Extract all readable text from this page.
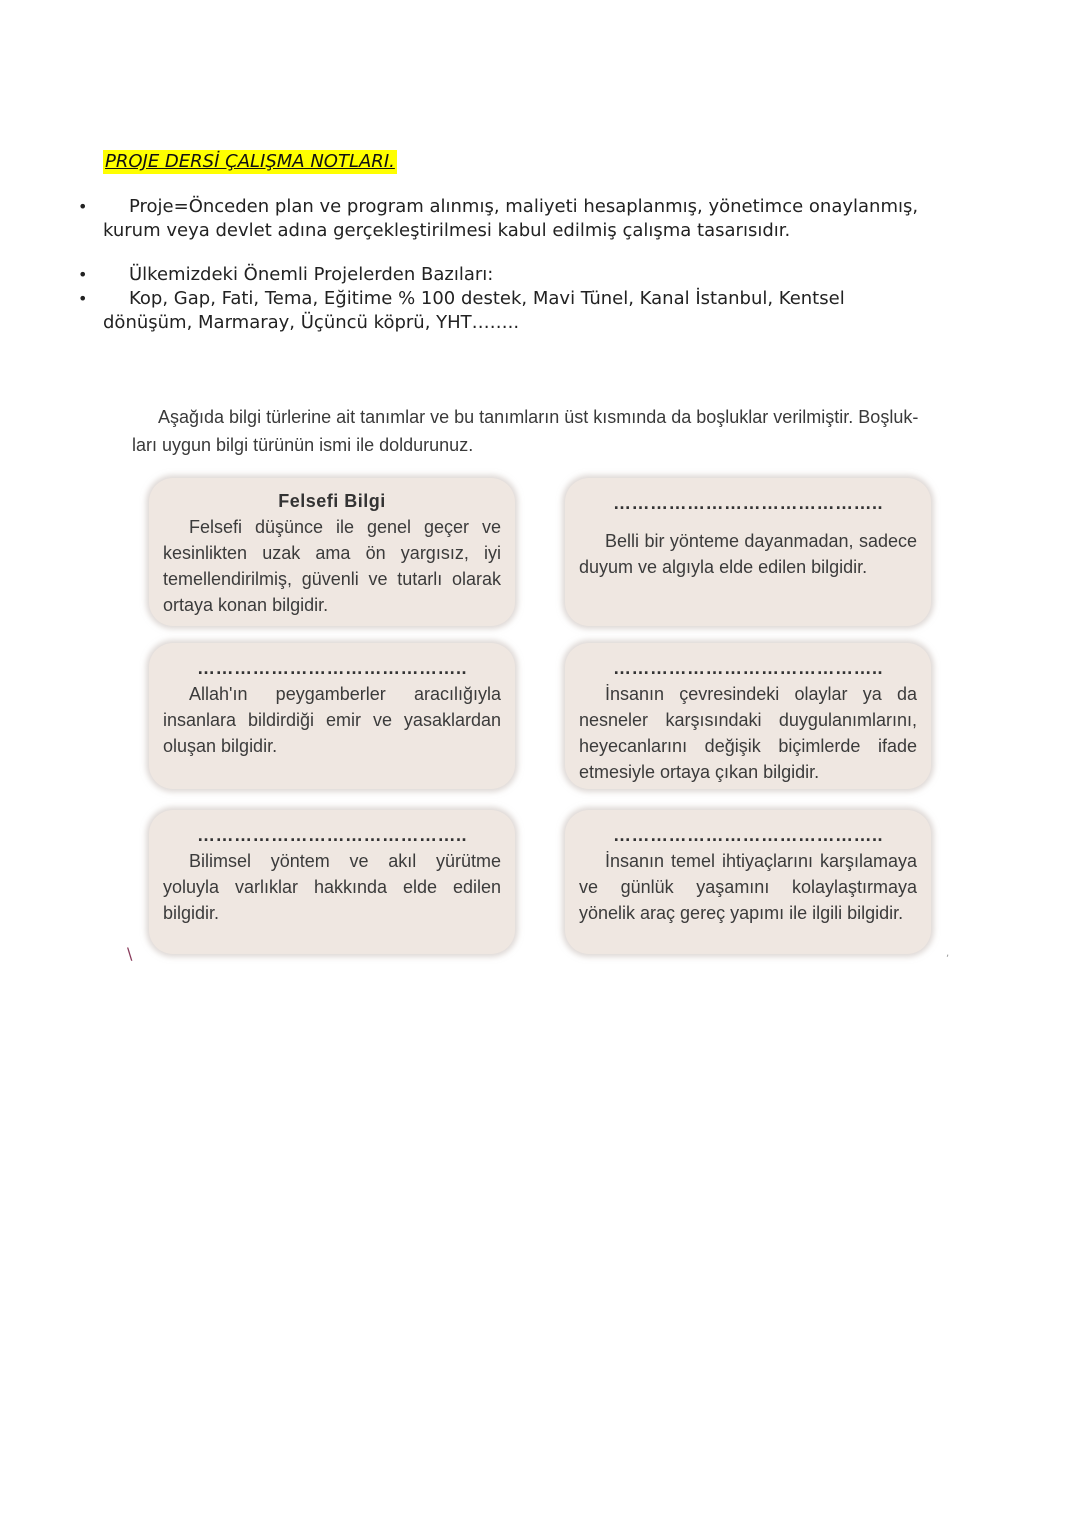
PROJE DERSİ ÇALIŞMA NOTLARI.
• Proje=Önceden plan ve program alınmış, maliyeti hesaplanmış, yönetimce onaylanmış,
kurum veya devlet adına gerçekleştirilmesi kabul edilmiş çalışma tasarısıdır.
• Ülkemizdeki Önemli Projelerden Bazıları:
• Kop, Gap, Fati, Tema, Eğitime % 100 destek, Mavi Tünel, Kanal İstanbul, Kentsel
dönüşüm, Marmaray, Üçüncü köprü, YHT……..
Aşağıda bilgi türlerine ait tanımlar ve bu tanımların üst kısmında da boşluklar verilmiştir. Boşluk-
ları uygun bilgi türünün ismi ile doldurunuz.
Felsefi Bilgi
Felsefi düşünce ile genel geçer ve kesinlikten uzak ama ön yargısız, iyi temellendirilmiş, güvenli ve tutarlı olarak ortaya konan bilgidir.
……………………………………..
Belli bir yönteme dayanmadan, sadece duyum ve algıyla elde edilen bilgidir.
……………………………………..
Allah'ın peygamberler aracılığıyla insanlara bildirdiği emir ve yasaklardan oluşan bilgidir.
……………………………………..
İnsanın çevresindeki olaylar ya da nesneler karşısındaki duygulanımlarını, heyecanlarını değişik biçimlerde ifade etmesiyle ortaya çıkan bilgidir.
……………………………………..
Bilimsel yöntem ve akıl yürütme yoluyla varlıklar hakkında elde edilen bilgidir.
……………………………………..
İnsanın temel ihtiyaçlarını karşılamaya ve günlük yaşamını kolaylaştırmaya yönelik araç gereç yapımı ile ilgili bilgidir.
\	,
